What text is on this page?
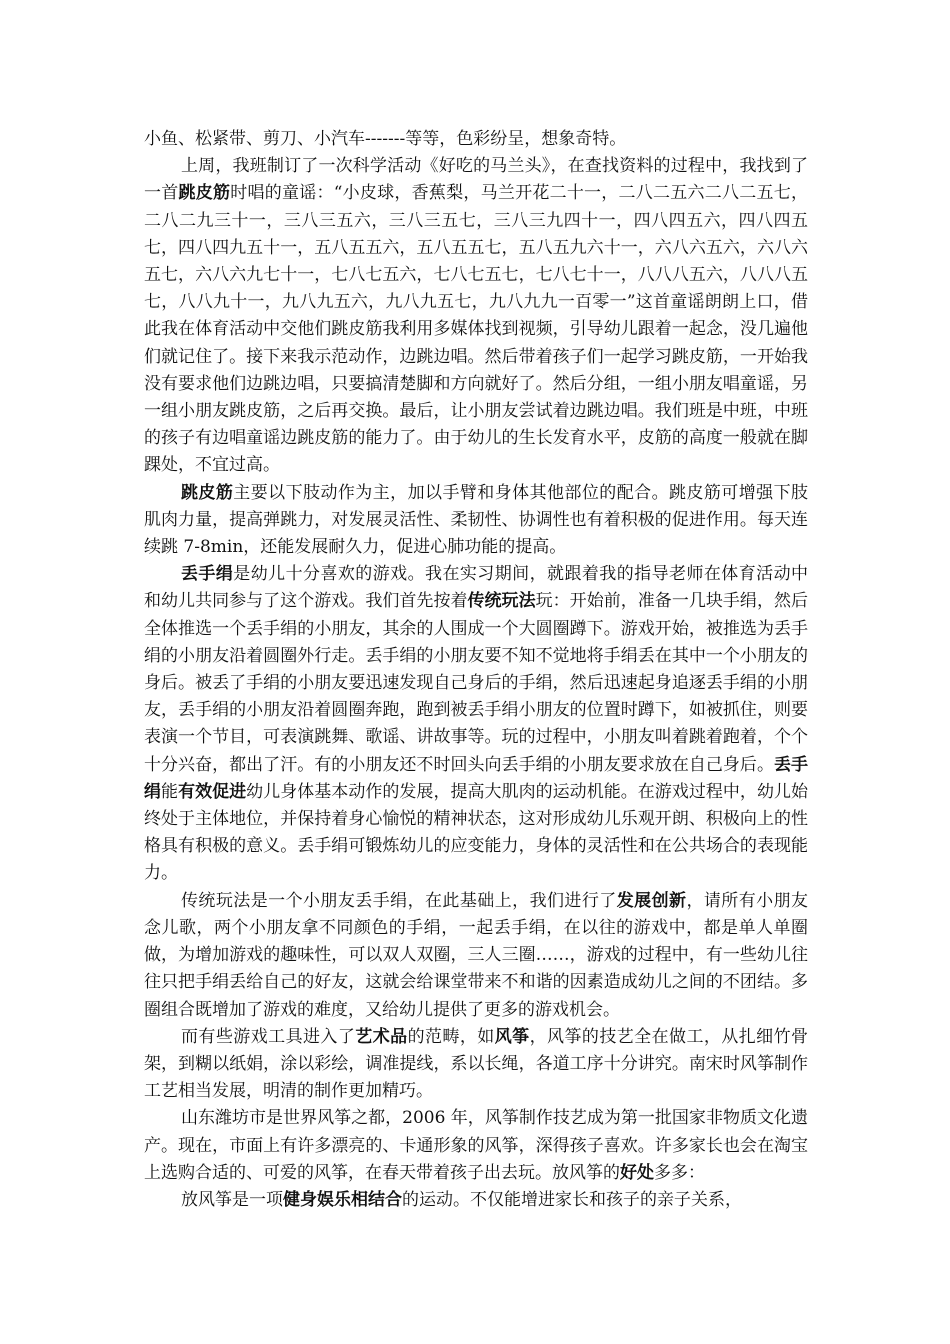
小鱼、松紧带、剪刀、小汽车-------等等，色彩纷呈，想象奇特。

上周，我班制订了一次科学活动《好吃的马兰头》，在查找资料的过程中，我找到了一首跳皮筋时唱的童谣：“小皮球，香蕉梨，马兰开花二十一，二八二五六二八二五七，二八二九三十一，三八三五六，三八三五七，三八三九四十一，四八四五六，四八四五七，四八四九五十一，五八五五六，五八五五七，五八五九六十一，六八六五六，六八六五七，六八六九七十一，七八七五六，七八七五七，七八七十一，八八八五六，八八八五七，八八九十一，九八九五六，九八九五七，九八九九一百零一”这首童谣朗朗上口，借此我在体育活动中交他们跳皮筋我利用多媒体找到视频，引导幼儿跟着一起念，没几遍他们就记住了。接下来我示范动作，边跳边唱。然后带着孩子们一起学习跳皮筋，一开始我没有要求他们边跳边唱，只要搞清楚脚和方向就好了。然后分组，一组小朋友唱童谣，另一组小朋友跳皮筋，之后再交换。最后，让小朋友尝试着边跳边唱。我们班是中班，中班的孩子有边唱童谣边跳皮筋的能力了。由于幼儿的生长发育水平，皮筋的高度一般就在脚踝处，不宜过高。

跳皮筋主要以下肢动作为主，加以手臂和身体其他部位的配合。跳皮筋可增强下肢肌肉力量，提高弹跳力，对发展灵活性、柔韧性、协调性也有着积极的促进作用。每天连续跳 7-8min，还能发展耐久力，促进心肺功能的提高。

丢手绢是幼儿十分喜欢的游戏。我在实习期间，就跟着我的指导老师在体育活动中和幼儿共同参与了这个游戏。我们首先按着传统玩法玩：开始前，准备一几块手绢，然后全体推选一个丢手绢的小朋友，其余的人围成一个大圆圈蹲下。游戏开始，被推选为丢手绢的小朋友沿着圆圈外行走。丢手绢的小朋友要不知不觉地将手绢丢在其中一个小朋友的身后。被丢了手绢的小朋友要迅速发现自己身后的手绢，然后迅速起身追逐丢手绢的小朋友，丢手绢的小朋友沿着圆圈奔跑，跑到被丢手绢小朋友的位置时蹲下，如被抓住，则要表演一个节目，可表演跳舞、歌谣、讲故事等。玩的过程中，小朋友叫着跳着跑着，个个十分兴奋，都出了汗。有的小朋友还不时回头向丢手绢的小朋友要求放在自己身后。丢手绢能有效促进幼儿身体基本动作的发展，提高大肌肉的运动机能。在游戏过程中，幼儿始终处于主体地位，并保持着身心愉悦的精神状态，这对形成幼儿乐观开朗、积极向上的性格具有积极的意义。丢手绢可锻炼幼儿的应变能力，身体的灵活性和在公共场合的表现能力。

传统玩法是一个小朋友丢手绢，在此基础上，我们进行了发展创新，请所有小朋友念儿歌，两个小朋友拿不同颜色的手绢，一起丢手绢，在以往的游戏中，都是单人单圈做，为增加游戏的趣味性，可以双人双圈，三人三圈……，游戏的过程中，有一些幼儿往往只把手绢丢给自己的好友，这就会给课堂带来不和谐的因素造成幼儿之间的不团结。多圈组合既增加了游戏的难度，又给幼儿提供了更多的游戏机会。

而有些游戏工具进入了艺术品的范畴，如风筝，风筝的技艺全在做工，从扎细竹骨架，到糊以纸娟，涂以彩绘，调准提线，系以长绳，各道工序十分讲究。南宋时风筝制作工艺相当发展，明清的制作更加精巧。

山东潍坊市是世界风筝之都，2006 年，风筝制作技艺成为第一批国家非物质文化遗产。现在，市面上有许多漂亮的、卡通形象的风筝，深得孩子喜欢。许多家长也会在淘宝上选购合适的、可爱的风筝，在春天带着孩子出去玩。放风筝的好处多多：

放风筝是一项健身娱乐相结合的运动。不仅能增进家长和孩子的亲子关系，
